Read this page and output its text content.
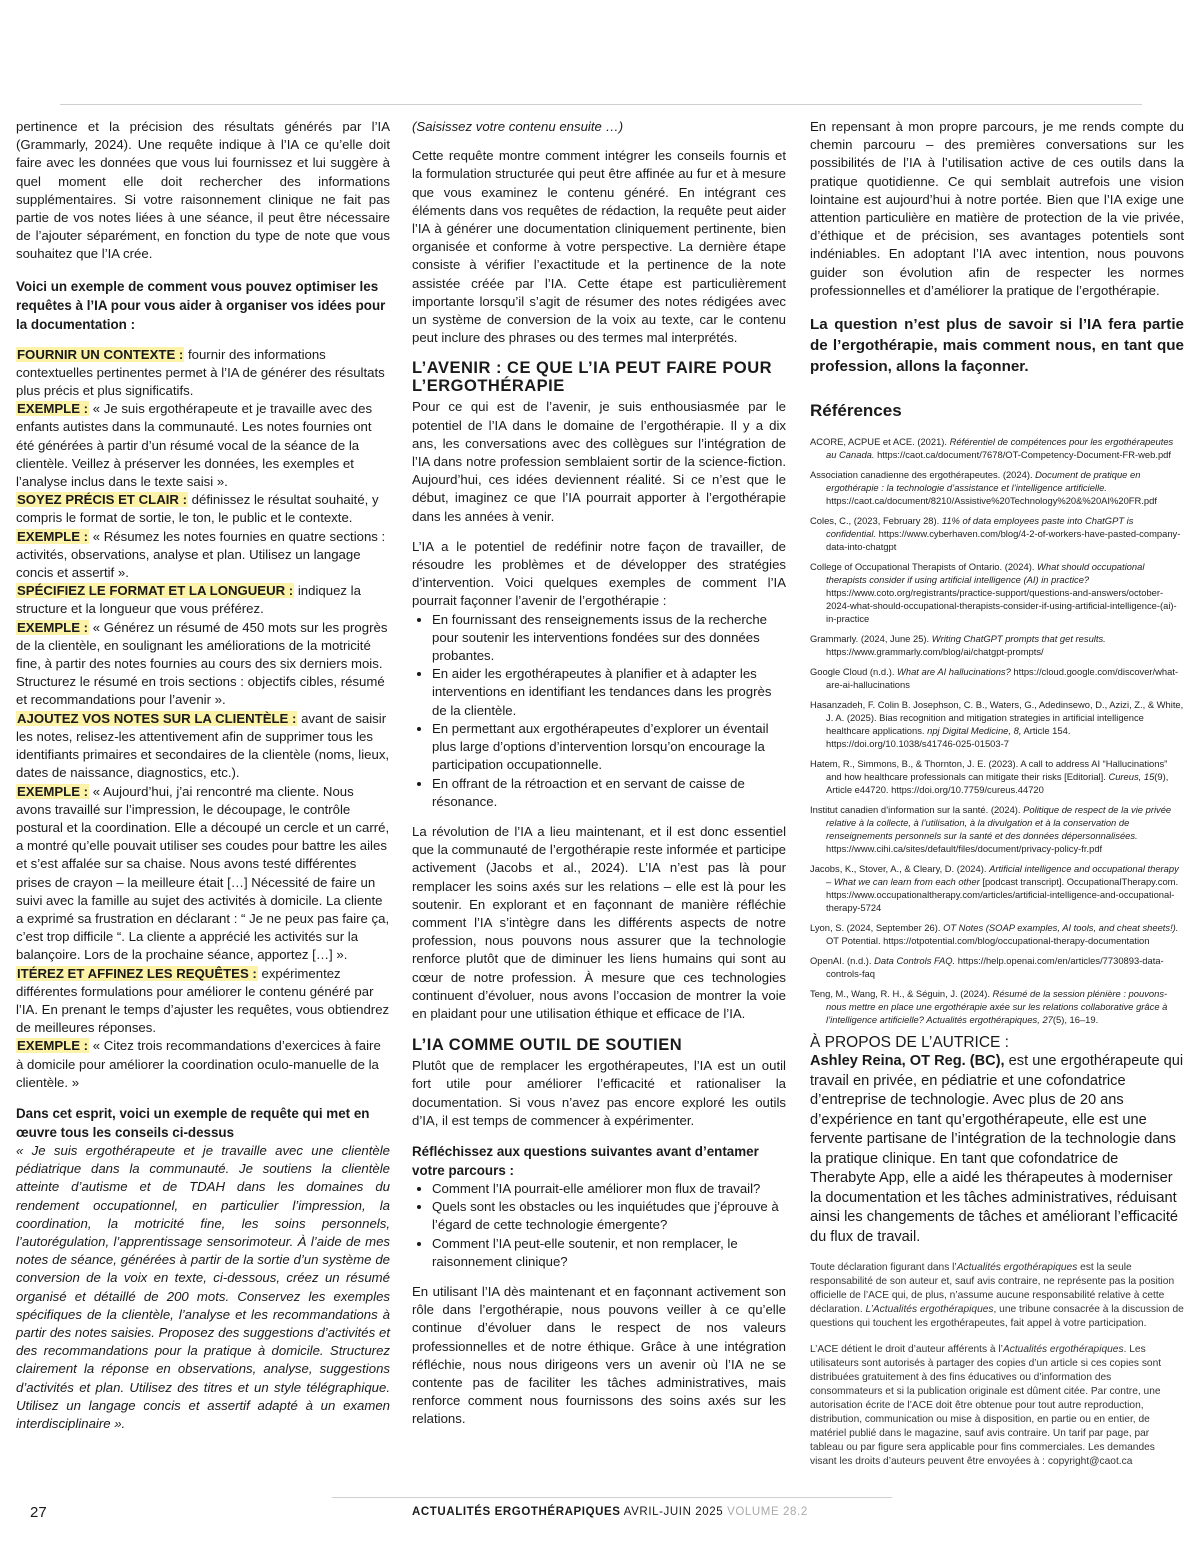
pertinence et la précision des résultats générés par l’IA (Grammarly, 2024). Une requête indique à l’IA ce qu’elle doit faire avec les données que vous lui fournissez et lui suggère à quel moment elle doit rechercher des informations supplémentaires. Si votre raisonnement clinique ne fait pas partie de vos notes liées à une séance, il peut être nécessaire de l’ajouter séparément, en fonction du type de note que vous souhaitez que l’IA crée.

Voici un exemple de comment vous pouvez optimiser les requêtes à l’IA pour vous aider à organiser vos idées pour la documentation :

FOURNIR UN CONTEXTE : fournir des informations contextuelles pertinentes permet à l’IA de générer des résultats plus précis et plus significatifs.

EXEMPLE : « Je suis ergothérapeute et je travaille avec des enfants autistes dans la communauté. Les notes fournies ont été générées à partir d’un résumé vocal de la séance de la clientèle. Veillez à préserver les données, les exemples et l’analyse inclus dans le texte saisi ».

SOYEZ PRÉCIS ET CLAIR : définissez le résultat souhaité, y compris le format de sortie, le ton, le public et le contexte.

EXEMPLE : « Résumez les notes fournies en quatre sections : activités, observations, analyse et plan. Utilisez un langage concis et assertif ».

SPÉCIFIEZ LE FORMAT ET LA LONGUEUR : indiquez la structure et la longueur que vous préférez.

EXEMPLE : « Générez un résumé de 450 mots sur les progrès de la clientèle, en soulignant les améliorations de la motricité fine, à partir des notes fournies au cours des six derniers mois. Structurez le résumé en trois sections : objectifs cibles, résumé et recommandations pour l’avenir ».

AJOUTEZ VOS NOTES SUR LA CLIENTÈLE : avant de saisir les notes, relisez-les attentivement afin de supprimer tous les identifiants primaires et secondaires de la clientèle (noms, lieux, dates de naissance, diagnostics, etc.).

EXEMPLE : « Aujourd’hui, j’ai rencontré ma cliente. Nous avons travaillé sur l’impression, le découpage, le contrôle postural et la coordination. Elle a découpé un cercle et un carré, a montré qu’elle pouvait utiliser ses coudes pour battre les ailes et s’est affalée sur sa chaise. Nous avons testé différentes prises de crayon – la meilleure était […] Nécessité de faire un suivi avec la famille au sujet des activités à domicile. La cliente a exprimé sa frustration en déclarant : “ Je ne peux pas faire ça, c’est trop difficile “. La cliente a apprécié les activités sur la balançoire. Lors de la prochaine séance, apportez […] ».

ITÉREZ ET AFFINEZ LES REQUÊTES : expérimentez différentes formulations pour améliorer le contenu généré par l’IA. En prenant le temps d’ajuster les requêtes, vous obtiendrez de meilleures réponses.

EXEMPLE : « Citez trois recommandations d’exercices à faire à domicile pour améliorer la coordination oculo-manuelle de la clientèle. »

Dans cet esprit, voici un exemple de requête qui met en œuvre tous les conseils ci-dessus

« Je suis ergothérapeute et je travaille avec une clientèle pédiatrique dans la communauté. Je soutiens la clientèle atteinte d’autisme et de TDAH dans les domaines du rendement occupationnel, en particulier l’impression, la coordination, la motricité fine, les soins personnels, l’autorégulation, l’apprentissage sensorimoteur. À l’aide de mes notes de séance, générées à partir de la sortie d’un système de conversion de la voix en texte, ci-dessous, créez un résumé organisé et détaillé de 200 mots. Conservez les exemples spécifiques de la clientèle, l’analyse et les recommandations à partir des notes saisies. Proposez des suggestions d’activités et des recommandations pour la pratique à domicile. Structurez clairement la réponse en observations, analyse, suggestions d’activités et plan. Utilisez des titres et un style télégraphique. Utilisez un langage concis et assertif adapté à un examen interdisciplinaire ».

(Saisissez votre contenu ensuite …)

Cette requête montre comment intégrer les conseils fournis et la formulation structurée qui peut être affinée au fur et à mesure que vous examinez le contenu généré. En intégrant ces éléments dans vos requêtes de rédaction, la requête peut aider l’IA à générer une documentation cliniquement pertinente, bien organisée et conforme à votre perspective. La dernière étape consiste à vérifier l’exactitude et la pertinence de la note assistée créée par l’IA. Cette étape est particulièrement importante lorsqu’il s’agit de résumer des notes rédigées avec un système de conversion de la voix au texte, car le contenu peut inclure des phrases ou des termes mal interprétés.

L’AVENIR : CE QUE L’IA PEUT FAIRE POUR L’ERGOTHÉRAPIE

Pour ce qui est de l’avenir, je suis enthousiasmée par le potentiel de l’IA dans le domaine de l’ergothérapie. Il y a dix ans, les conversations avec des collègues sur l’intégration de l’IA dans notre profession semblaient sortir de la science-fiction. Aujourd’hui, ces idées deviennent réalité. Si ce n’est que le début, imaginez ce que l’IA pourrait apporter à l’ergothérapie dans les années à venir.

L’IA a le potentiel de redéfinir notre façon de travailler, de résoudre les problèmes et de développer des stratégies d’intervention. Voici quelques exemples de comment l’IA pourrait façonner l’avenir de l’ergothérapie :

• En fournissant des renseignements issus de la recherche pour soutenir les interventions fondées sur des données probantes.
• En aider les ergothérapeutes à planifier et à adapter les interventions en identifiant les tendances dans les progrès de la clientèle.
• En permettant aux ergothérapeutes d’explorer un éventail plus large d’options d’intervention lorsqu’on encourage la participation occupationnelle.
• En offrant de la rétroaction et en servant de caisse de résonance.

La révolution de l’IA a lieu maintenant, et il est donc essentiel que la communauté de l’ergothérapie reste informée et participe activement (Jacobs et al., 2024). L’IA n’est pas là pour remplacer les soins axés sur les relations – elle est là pour les soutenir. En explorant et en façonnant de manière réfléchie comment l’IA s’intègre dans les différents aspects de notre profession, nous pouvons nous assurer que la technologie renforce plutôt que de diminuer les liens humains qui sont au cœur de notre profession. À mesure que ces technologies continuent d’évoluer, nous avons l’occasion de montrer la voie en plaidant pour une utilisation éthique et efficace de l’IA.

L’IA COMME OUTIL DE SOUTIEN

Plutôt que de remplacer les ergothérapeutes, l’IA est un outil fort utile pour améliorer l’efficacité et rationaliser la documentation. Si vous n’avez pas encore exploré les outils d’IA, il est temps de commencer à expérimenter.

Réfléchissez aux questions suivantes avant d’entamer votre parcours :

• Comment l’IA pourrait-elle améliorer mon flux de travail?
• Quels sont les obstacles ou les inquiétudes que j’éprouve à l’égard de cette technologie émergente?
• Comment l’IA peut-elle soutenir, et non remplacer, le raisonnement clinique?

En utilisant l’IA dès maintenant et en façonnant activement son rôle dans l’ergothérapie, nous pouvons veiller à ce qu’elle continue d’évoluer dans le respect de nos valeurs professionnelles et de notre éthique. Grâce à une intégration réfléchie, nous nous dirigeons vers un avenir où l’IA ne se contente pas de faciliter les tâches administratives, mais renforce comment nous fournissons des soins axés sur les relations.

En repensant à mon propre parcours, je me rends compte du chemin parcouru – des premières conversations sur les possibilités de l’IA à l’utilisation active de ces outils dans la pratique quotidienne. Ce qui semblait autrefois une vision lointaine est aujourd’hui à notre portée. Bien que l’IA exige une attention particulière en matière de protection de la vie privée, d’éthique et de précision, ses avantages potentiels sont indéniables. En adoptant l’IA avec intention, nous pouvons guider son évolution afin de respecter les normes professionnelles et d’améliorer la pratique de l’ergothérapie.

La question n’est plus de savoir si l’IA fera partie de l’ergothérapie, mais comment nous, en tant que profession, allons la façonner.

Références

ACORE, ACPUE et ACE. (2021). Référentiel de compétences pour les ergothérapeutes au Canada. https://caot.ca/document/7678/OT-Competency-Document-FR-web.pdf

Association canadienne des ergothérapeutes. (2024). Document de pratique en ergothérapie : la technologie d’assistance et l’intelligence artificielle. https://caot.ca/document/8210/Assistive%20Technology%20&%20AI%20FR.pdf

Coles, C., (2023, February 28). 11% of data employees paste into ChatGPT is confidential. https://www.cyberhaven.com/blog/4-2-of-workers-have-pasted-company-data-into-chatgpt

College of Occupational Therapists of Ontario. (2024). What should occupational therapists consider if using artificial intelligence (AI) in practice? https://www.coto.org/registrants/practice-support/questions-and-answers/october-2024-what-should-occupational-therapists-consider-if-using-artificial-intelligence-(ai)-in-practice

Grammarly. (2024, June 25). Writing ChatGPT prompts that get results. https://www.grammarly.com/blog/ai/chatgpt-prompts/

Google Cloud (n.d.). What are AI hallucinations? https://cloud.google.com/discover/what-are-ai-hallucinations

Hasanzadeh, F. Colin B. Josephson, C. B., Waters, G., Adedinsewo, D., Azizi, Z., & White, J. A. (2025). Bias recognition and mitigation strategies in artificial intelligence healthcare applications. npj Digital Medicine, 8, Article 154. https://doi.org/10.1038/s41746-025-01503-7

Hatem, R., Simmons, B., & Thornton, J. E. (2023). A call to address AI “Hallucinations” and how healthcare professionals can mitigate their risks [Editorial]. Cureus, 15(9), Article e44720. https://doi.org/10.7759/cureus.44720

Institut canadien d’information sur la santé. (2024). Politique de respect de la vie privée relative à la collecte, à l’utilisation, à la divulgation et à la conservation de renseignements personnels sur la santé et des données dépersonnalisées. https://www.cihi.ca/sites/default/files/document/privacy-policy-fr.pdf

Jacobs, K., Stover, A., & Cleary, D. (2024). Artificial intelligence and occupational therapy – What we can learn from each other [podcast transcript]. OccupationalTherapy.com. https://www.occupationaltherapy.com/articles/artificial-intelligence-and-occupational-therapy-5724

Lyon, S. (2024, September 26). OT Notes (SOAP examples, AI tools, and cheat sheets!). OT Potential. https://otpotential.com/blog/occupational-therapy-documentation

OpenAI. (n.d.). Data Controls FAQ. https://help.openai.com/en/articles/7730893-data-controls-faq

Teng, M., Wang, R. H., & Séguin, J. (2024). Résumé de la session plénière : pouvons-nous mettre en place une ergothérapie axée sur les relations collaborative grâce à l’intelligence artificielle? Actualités ergothérapiques, 27(5), 16–19.

À PROPOS DE L’AUTRICE :

Ashley Reina, OT Reg. (BC), est une ergothérapeute qui travail en privée, en pédiatrie et une cofondatrice d’entreprise de technologie. Avec plus de 20 ans d’expérience en tant qu’ergothérapeute, elle est une fervente partisane de l’intégration de la technologie dans la pratique clinique. En tant que cofondatrice de Therabyte App, elle a aidé les thérapeutes à moderniser la documentation et les tâches administratives, réduisant ainsi les changements de tâches et améliorant l’efficacité du flux de travail.

Toute déclaration figurant dans l’Actualités ergothérapiques est la seule responsabilité de son auteur et, sauf avis contraire, ne représente pas la position officielle de l’ACE qui, de plus, n’assume aucune responsabilité relative à cette déclaration. L’Actualités ergothérapiques, une tribune consacrée à la discussion de questions qui touchent les ergothérapeutes, fait appel à votre participation.

L’ACE détient le droit d’auteur afférents à l’Actualités ergothérapiques. Les utilisateurs sont autorisés à partager des copies d’un article si ces copies sont distribuées gratuitement à des fins éducatives ou d’information des consommateurs et si la publication originale est dûment citée. Par contre, une autorisation écrite de l’ACE doit être obtenue pour tout autre reproduction, distribution, communication ou mise à disposition, en partie ou en entier, de matériel publié dans le magazine, sauf avis contraire. Un tarif par page, par tableau ou par figure sera applicable pour fins commerciales. Les demandes visant les droits d’auteurs peuvent être envoyées à : copyright@caot.ca

27	ACTUALITÉS ERGOTHÉRAPIQUES AVRIL-JUIN 2025 VOLUME 28.2
